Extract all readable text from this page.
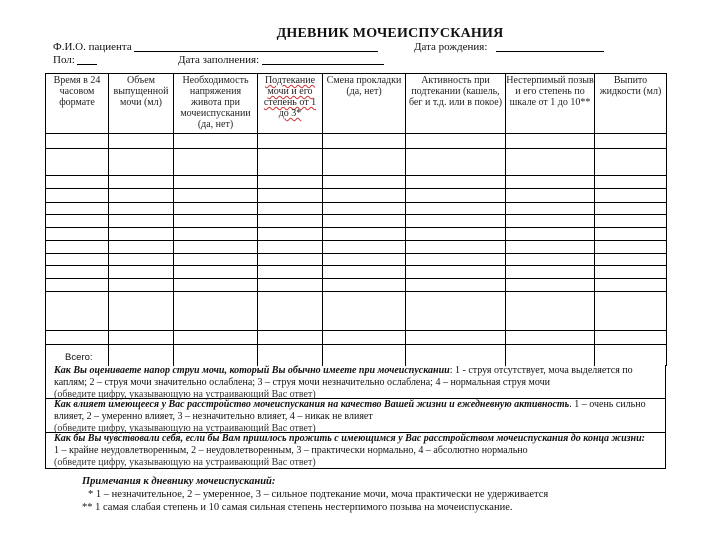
ДНЕВНИК МОЧЕИСПУСКАНИЯ
Ф.И.О. пациента	Дата рождения:
Пол:	Дата заполнения:
Время в 24 часовом формате	Объем выпущенной мочи (мл)	Необходимость напряжения живота при мочеиспускании (да, нет)	Подтекание мочи и его степень от 1 до 3*	Смена прокладки (да, нет)	Активность при подтекании (кашель, бег и т.д. или в покое)	Нестерпимый позыв и его степень по шкале от 1 до 10**	Выпито жидкости (мл)

Всего:
Как Вы оцениваете напор струи мочи, который Вы обычно имеете при мочеиспускании: 1 - струя отсутствует, моча выделяется по каплям; 2 – струя мочи значительно ослаблена; 3 – струя мочи незначительно ослаблена; 4 – нормальная струя мочи
(обведите цифру, указывающую на устраивающий Вас ответ)
Как влияет имеющееся у Вас расстройство мочеиспускания на качество Вашей жизни и ежедневную активность. 1 – очень сильно влияет, 2 – умеренно влияет, 3 – незначительно влияет, 4 – никак не влияет
(обведите цифру, указывающую на устраивающий Вас ответ)
Как бы Вы чувствовали себя, если бы Вам пришлось прожить с имеющимся у Вас расстройством мочеиспускания до конца жизни:
1 – крайне неудовлетворенным, 2 – неудовлетворенным, 3 – практически нормально, 4 – абсолютно нормально
(обведите цифру, указывающую на устраивающий Вас ответ)
Примечания к дневнику мочеиспусканий:
* 1 – незначительное, 2 – умеренное, 3 – сильное подтекание мочи, моча практически не удерживается
** 1 самая слабая степень и 10 самая сильная степень нестерпимого позыва на мочеиспускание.
